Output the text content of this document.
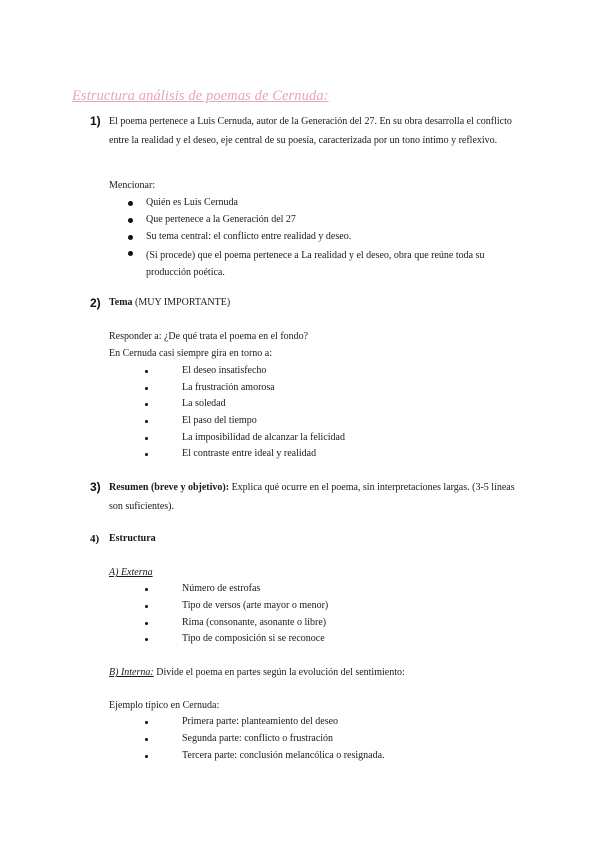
Estructura análisis de poemas de Cernuda:
1) El poema pertenece a Luis Cernuda, autor de la Generación del 27. En su obra desarrolla el conflicto entre la realidad y el deseo, eje central de su poesía, caracterizada por un tono íntimo y reflexivo.

Mencionar:
Quién es Luis Cernuda
Que pertenece a la Generación del 27
Su tema central: el conflicto entre realidad y deseo.
(Si procede) que el poema pertenece a La realidad y el deseo, obra que reúne toda su producción poética.
2) Tema (MUY IMPORTANTE)
Responder a: ¿De qué trata el poema en el fondo?
En Cernuda casi siempre gira en torno a:
El deseo insatisfecho
La frustración amorosa
La soledad
El paso del tiempo
La imposibilidad de alcanzar la felicidad
El contraste entre ideal y realidad
3) Resumen (breve y objetivo): Explica qué ocurre en el poema, sin interpretaciones largas. (3-5 líneas son suficientes).

4) Estructura
A) Externa
Número de estrofas
Tipo de versos (arte mayor o menor)
Rima (consonante, asonante o libre)
Tipo de composición si se reconoce
B) Interna: Divide el poema en partes según la evolución del sentimiento:
Ejemplo típico en Cernuda:
Primera parte: planteamiento del deseo
Segunda parte: conflicto o frustración
Tercera parte: conclusión melancólica o resignada.
